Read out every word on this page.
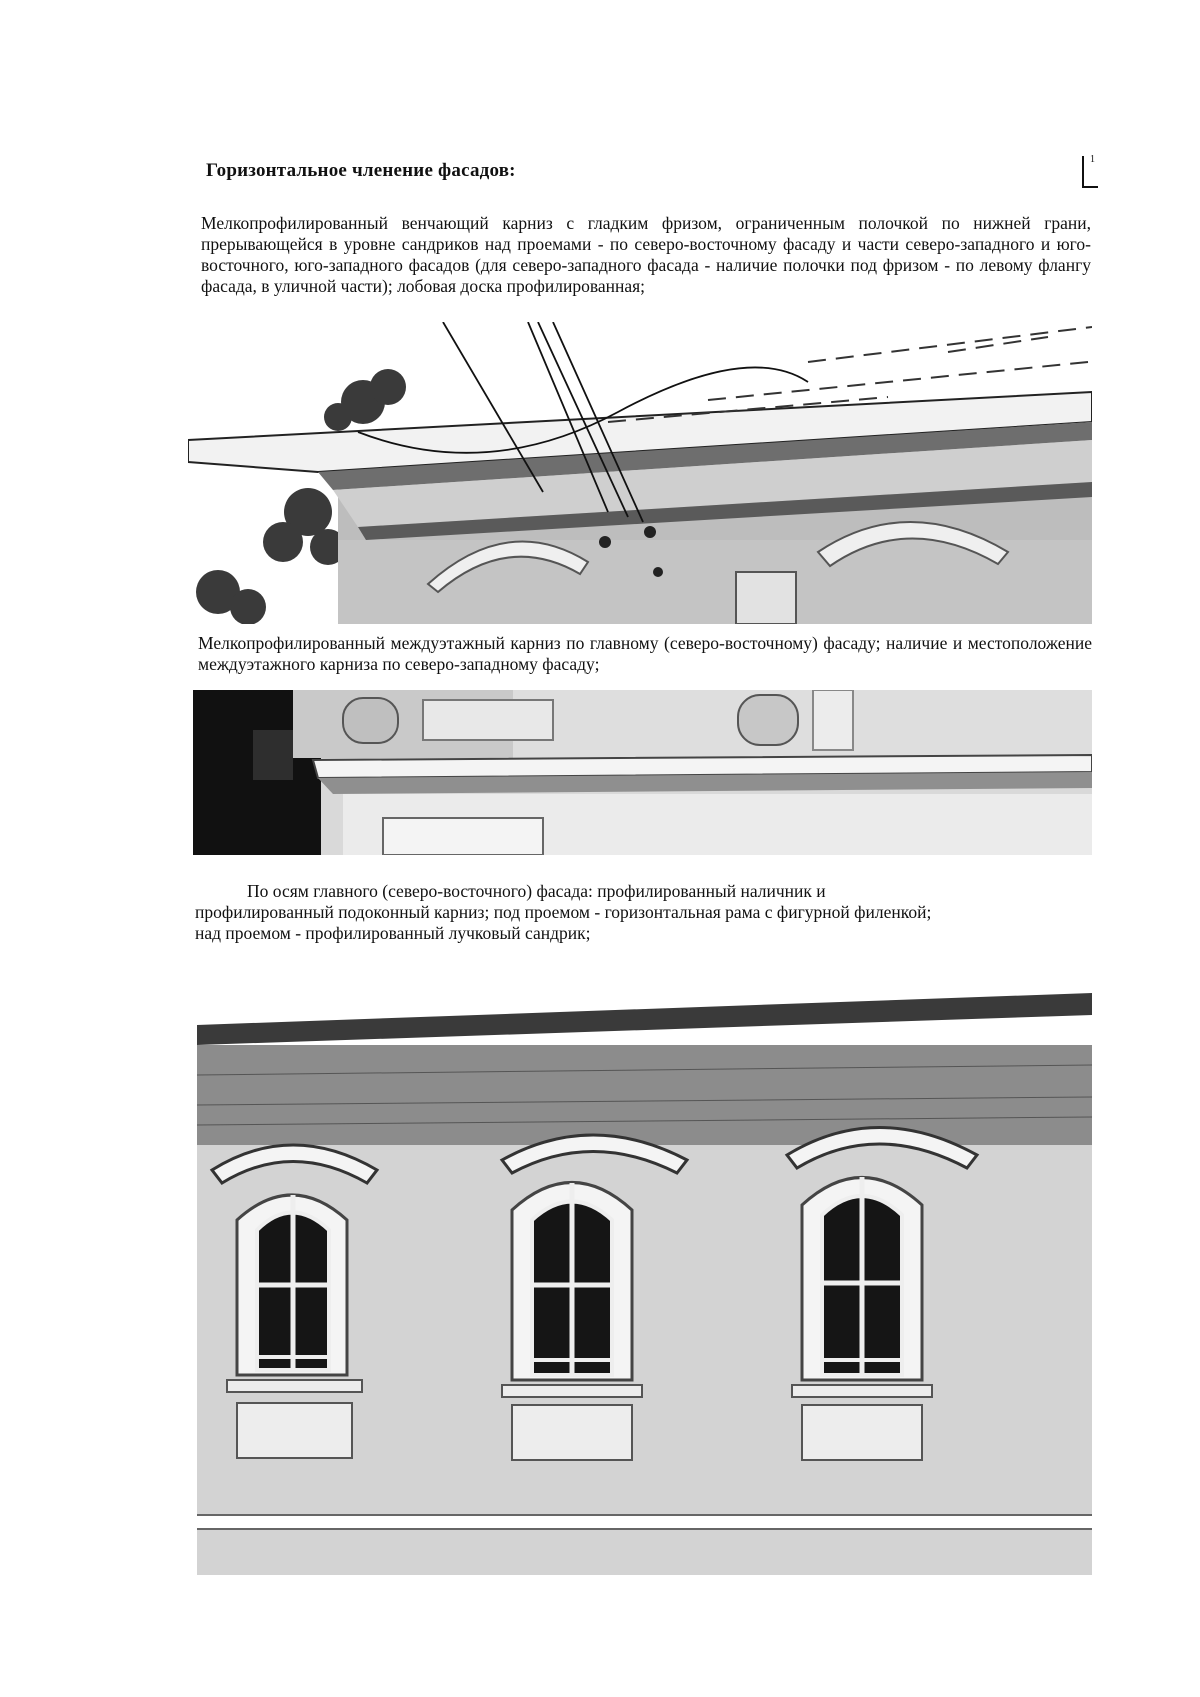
Горизонтальное членение фасадов:
1
Мелкопрофилированный венчающий карниз с гладким фризом, ограниченным полочкой по нижней грани, прерывающейся в уровне сандриков над проемами - по северо-восточному фасаду и части северо-западного и юго-восточного, юго-западного фасадов (для северо-западного фасада - наличие полочки под фризом - по левому флангу фасада, в уличной части); лобовая доска профилированная;
Мелкопрофилированный междуэтажный карниз по главному (северо-восточному) фасаду; наличие и местоположение междуэтажного карниза по северо-западному фасаду;
По осям главного (северо-восточного) фасада: профилированный наличник и
профилированный подоконный карниз; под проемом - горизонтальная рама с фигурной филенкой;
над проемом - профилированный лучковый сандрик;
